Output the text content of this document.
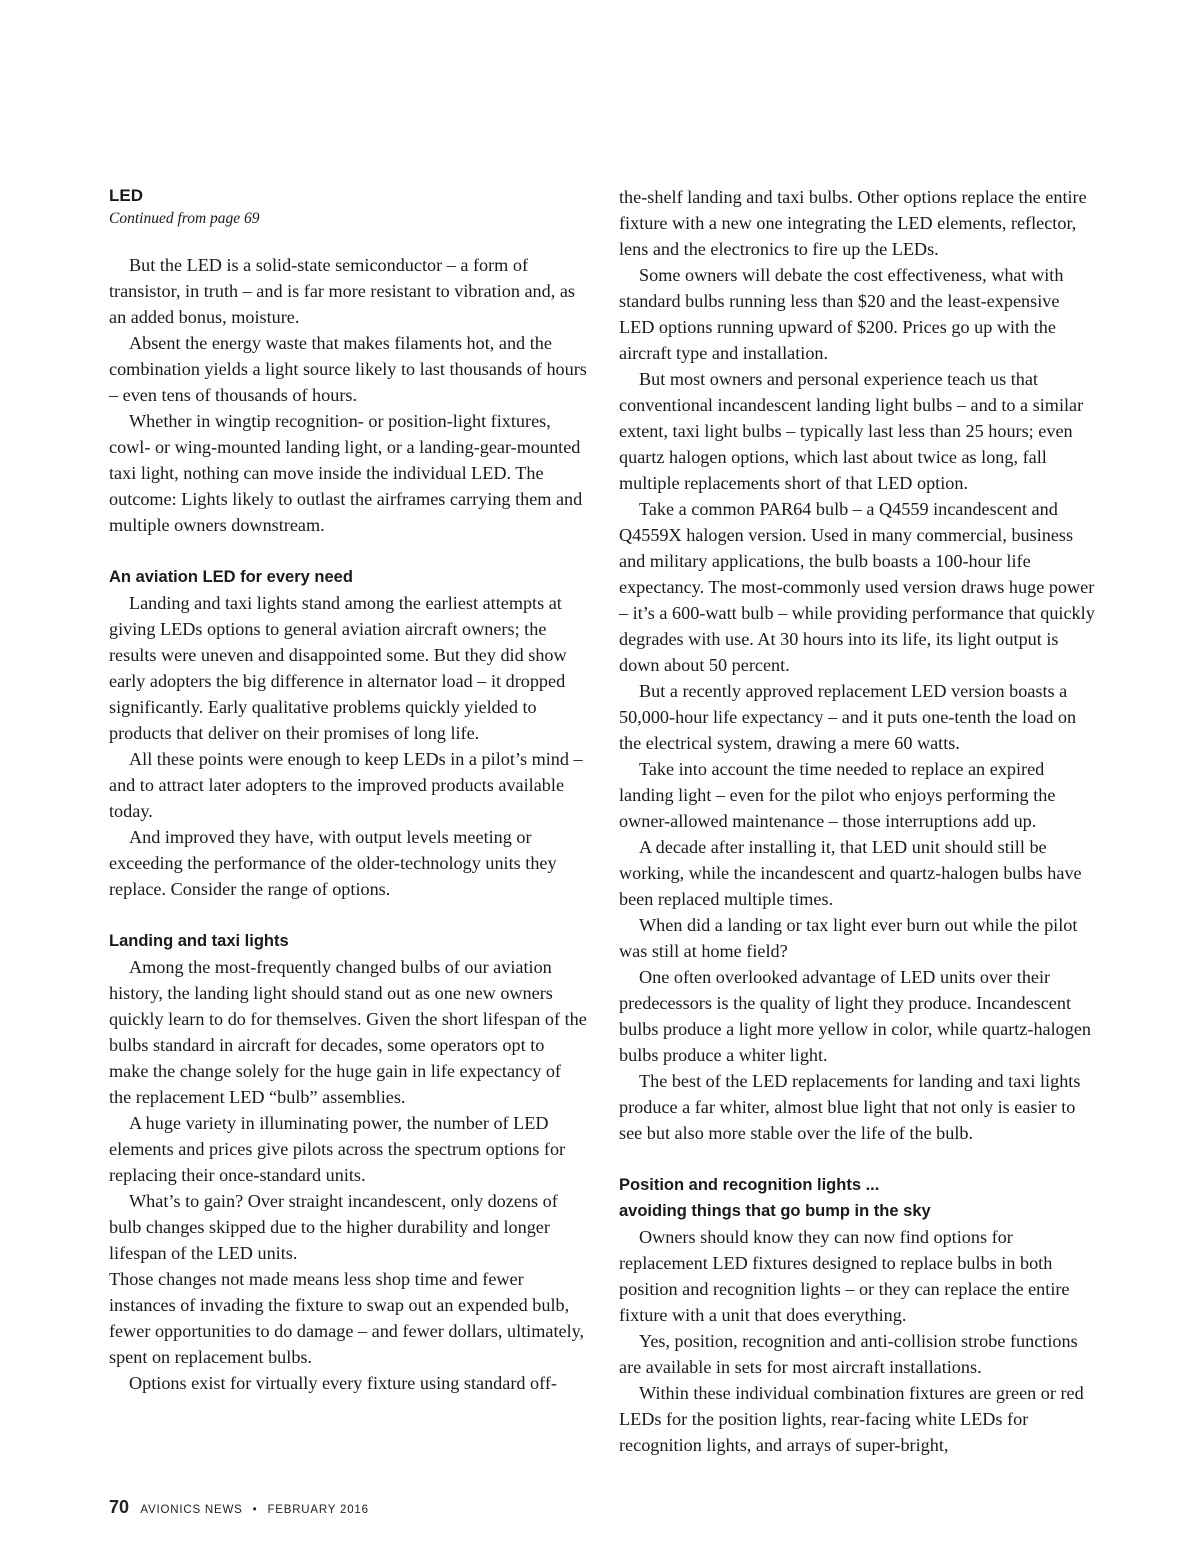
LED
Continued from page 69

But the LED is a solid-state semiconductor – a form of transistor, in truth – and is far more resistant to vibration and, as an added bonus, moisture.

Absent the energy waste that makes filaments hot, and the combination yields a light source likely to last thousands of hours – even tens of thousands of hours.

Whether in wingtip recognition- or position-light fixtures, cowl- or wing-mounted landing light, or a landing-gear-mounted taxi light, nothing can move inside the individual LED. The outcome: Lights likely to outlast the airframes carrying them and multiple owners downstream.

An aviation LED for every need

Landing and taxi lights stand among the earliest attempts at giving LEDs options to general aviation aircraft owners; the results were uneven and disappointed some. But they did show early adopters the big difference in alternator load – it dropped significantly. Early qualitative problems quickly yielded to products that deliver on their promises of long life.

All these points were enough to keep LEDs in a pilot’s mind – and to attract later adopters to the improved products available today.

And improved they have, with output levels meeting or exceeding the performance of the older-technology units they replace. Consider the range of options.

Landing and taxi lights

Among the most-frequently changed bulbs of our aviation history, the landing light should stand out as one new owners quickly learn to do for themselves. Given the short lifespan of the bulbs standard in aircraft for decades, some operators opt to make the change solely for the huge gain in life expectancy of the replacement LED “bulb” assemblies.

A huge variety in illuminating power, the number of LED elements and prices give pilots across the spectrum options for replacing their once-standard units.

What’s to gain? Over straight incandescent, only dozens of bulb changes skipped due to the higher durability and longer lifespan of the LED units.

Those changes not made means less shop time and fewer instances of invading the fixture to swap out an expended bulb, fewer opportunities to do damage – and fewer dollars, ultimately, spent on replacement bulbs.

Options exist for virtually every fixture using standard off-

the-shelf landing and taxi bulbs. Other options replace the entire fixture with a new one integrating the LED elements, reflector, lens and the electronics to fire up the LEDs.

Some owners will debate the cost effectiveness, what with standard bulbs running less than $20 and the least-expensive LED options running upward of $200. Prices go up with the aircraft type and installation.

But most owners and personal experience teach us that conventional incandescent landing light bulbs – and to a similar extent, taxi light bulbs – typically last less than 25 hours; even quartz halogen options, which last about twice as long, fall multiple replacements short of that LED option.

Take a common PAR64 bulb – a Q4559 incandescent and Q4559X halogen version. Used in many commercial, business and military applications, the bulb boasts a 100-hour life expectancy. The most-commonly used version draws huge power – it’s a 600-watt bulb – while providing performance that quickly degrades with use. At 30 hours into its life, its light output is down about 50 percent.

But a recently approved replacement LED version boasts a 50,000-hour life expectancy – and it puts one-tenth the load on the electrical system, drawing a mere 60 watts.

Take into account the time needed to replace an expired landing light – even for the pilot who enjoys performing the owner-allowed maintenance – those interruptions add up.

A decade after installing it, that LED unit should still be working, while the incandescent and quartz-halogen bulbs have been replaced multiple times.

When did a landing or tax light ever burn out while the pilot was still at home field?

One often overlooked advantage of LED units over their predecessors is the quality of light they produce. Incandescent bulbs produce a light more yellow in color, while quartz-halogen bulbs produce a whiter light.

The best of the LED replacements for landing and taxi lights produce a far whiter, almost blue light that not only is easier to see but also more stable over the life of the bulb.

Position and recognition lights ...
avoiding things that go bump in the sky

Owners should know they can now find options for replacement LED fixtures designed to replace bulbs in both position and recognition lights – or they can replace the entire fixture with a unit that does everything.

Yes, position, recognition and anti-collision strobe functions are available in sets for most aircraft installations.

Within these individual combination fixtures are green or red LEDs for the position lights, rear-facing white LEDs for recognition lights, and arrays of super-bright,

70 AVIONICS NEWS • FEBRUARY 2016
